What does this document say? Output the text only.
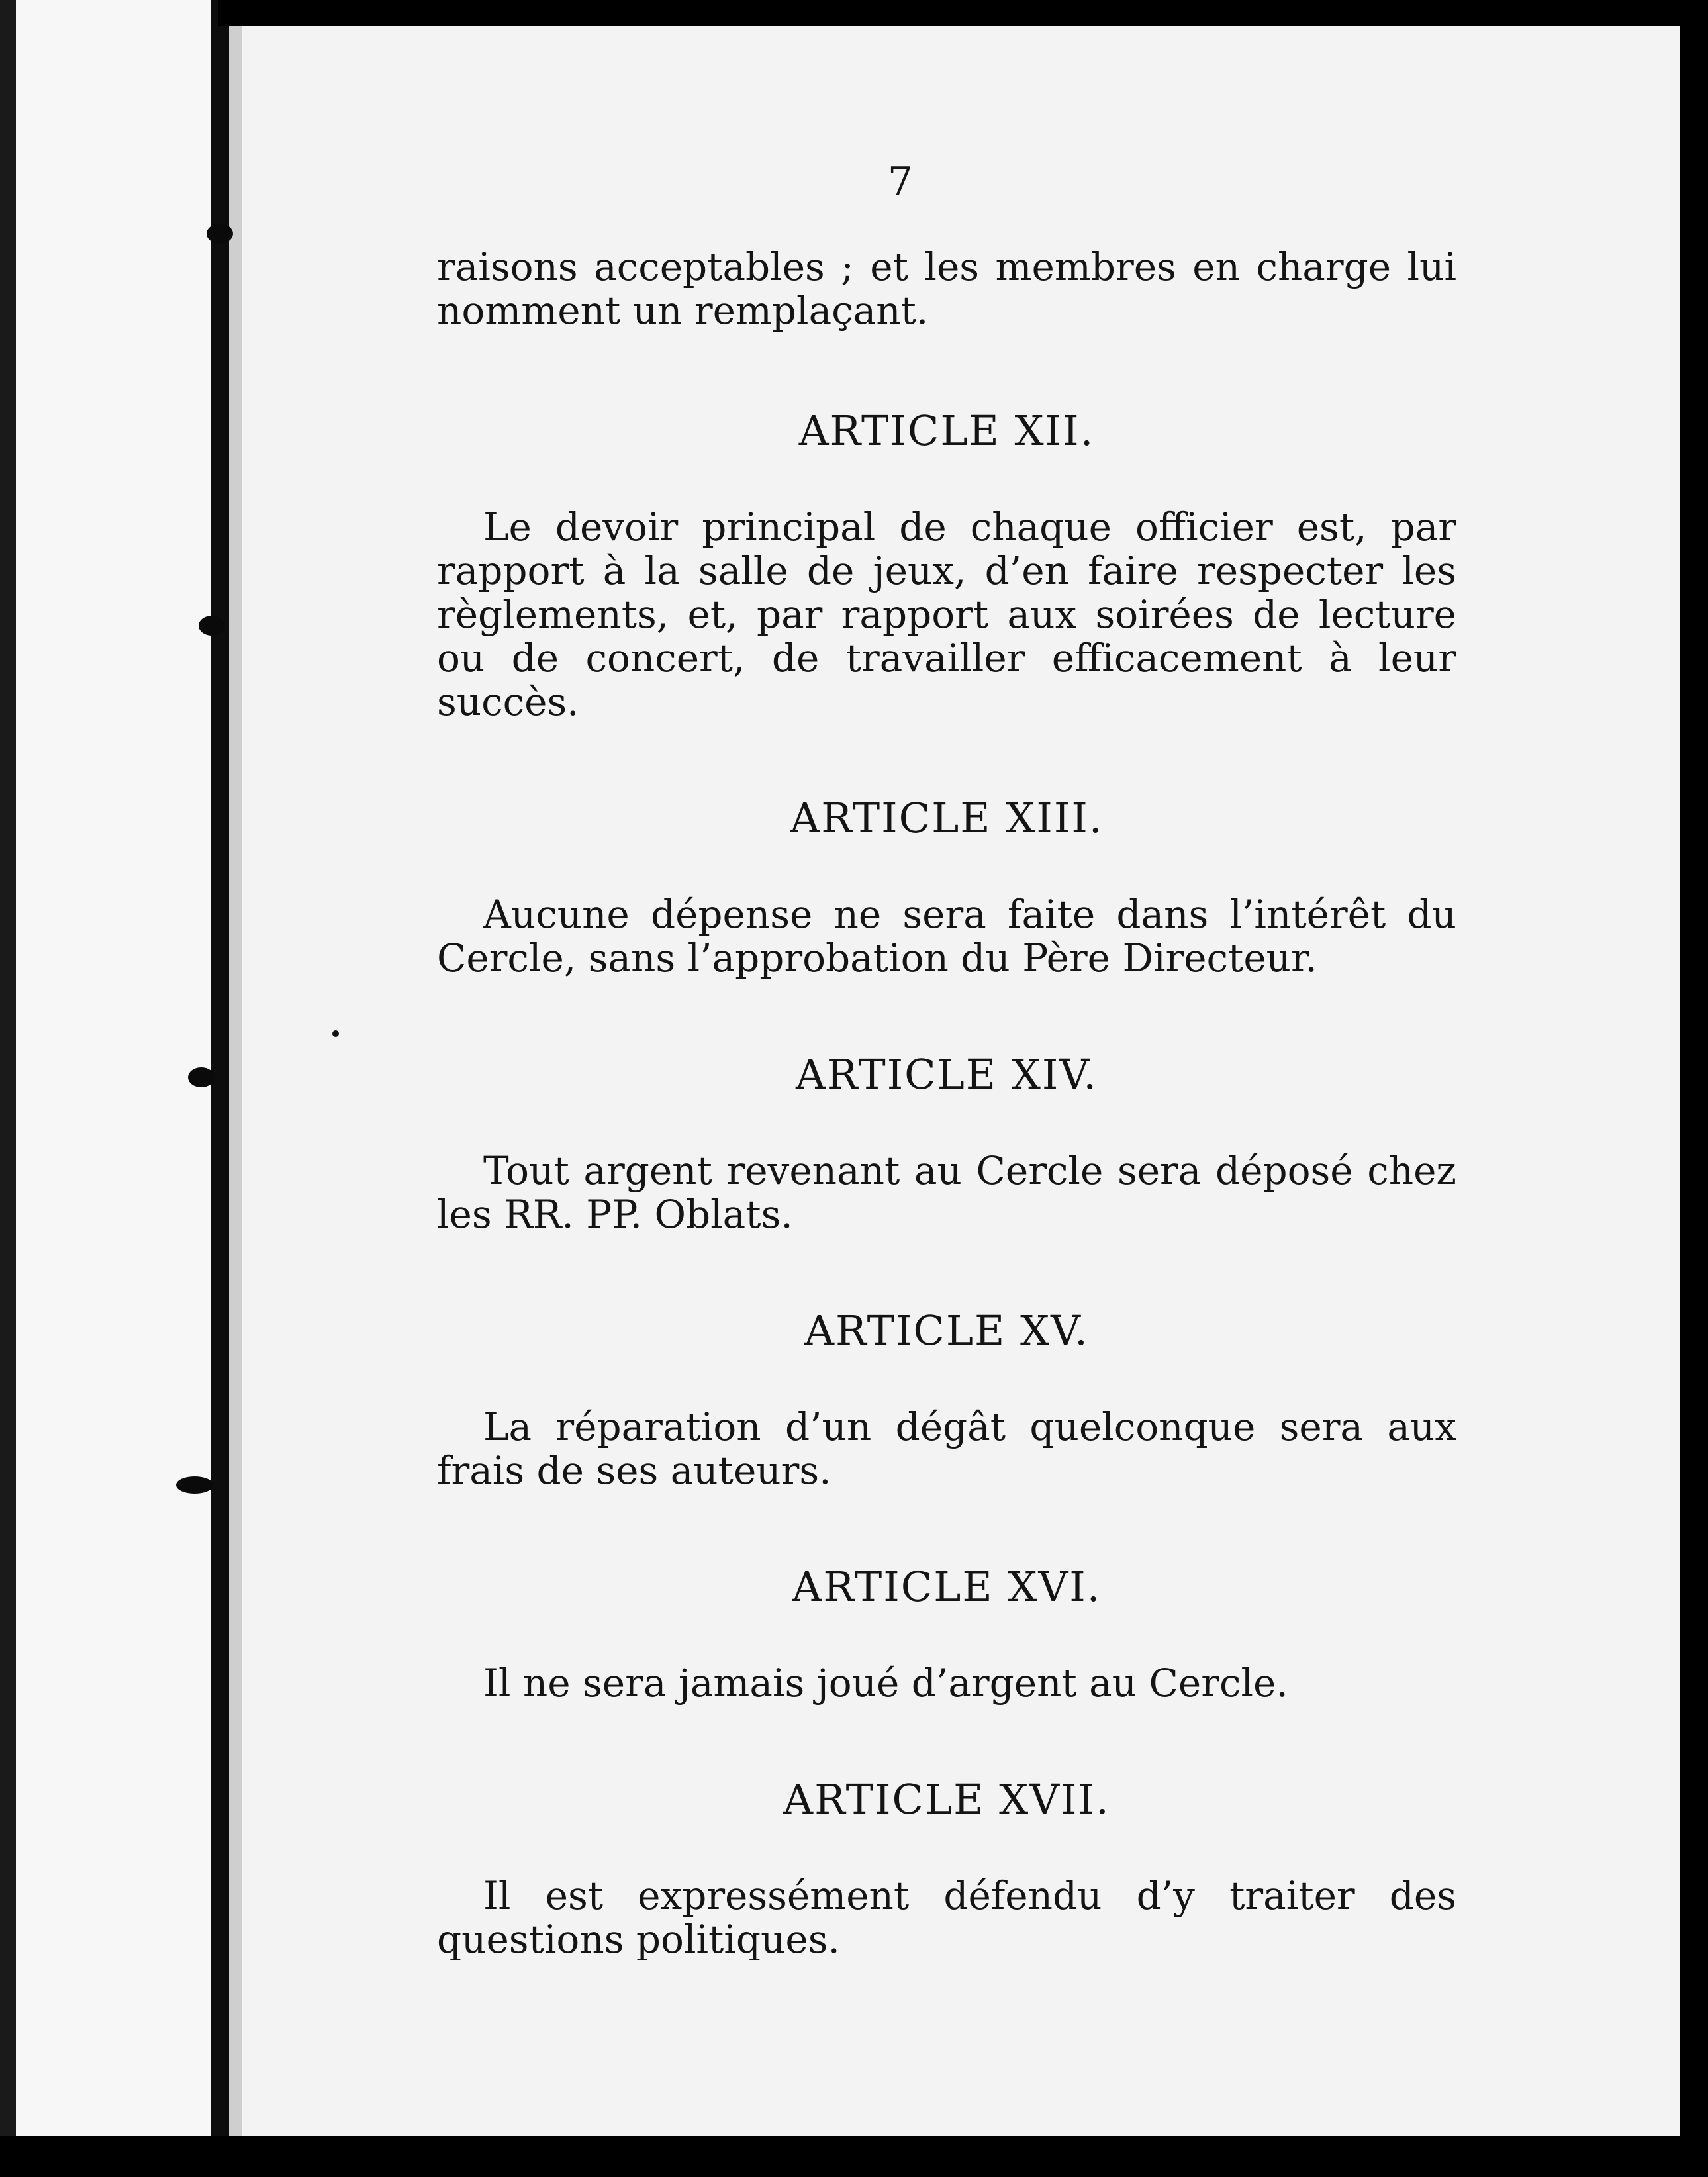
7

raisons acceptables ; et les membres en charge lui nomment un remplaçant.

ARTICLE XII.

Le devoir principal de chaque officier est, par rapport à la salle de jeux, d’en faire respecter les règlements, et, par rapport aux soirées de lecture ou de concert, de travailler efficacement à leur succès.

ARTICLE XIII.

Aucune dépense ne sera faite dans l’intérêt du Cercle, sans l’approbation du Père Directeur.

ARTICLE XIV.

Tout argent revenant au Cercle sera déposé chez les RR. PP. Oblats.

ARTICLE XV.

La réparation d’un dégât quelconque sera aux frais de ses auteurs.

ARTICLE XVI.

Il ne sera jamais joué d’argent au Cercle.

ARTICLE XVII.

Il est expressément défendu d’y traiter des questions politiques.
